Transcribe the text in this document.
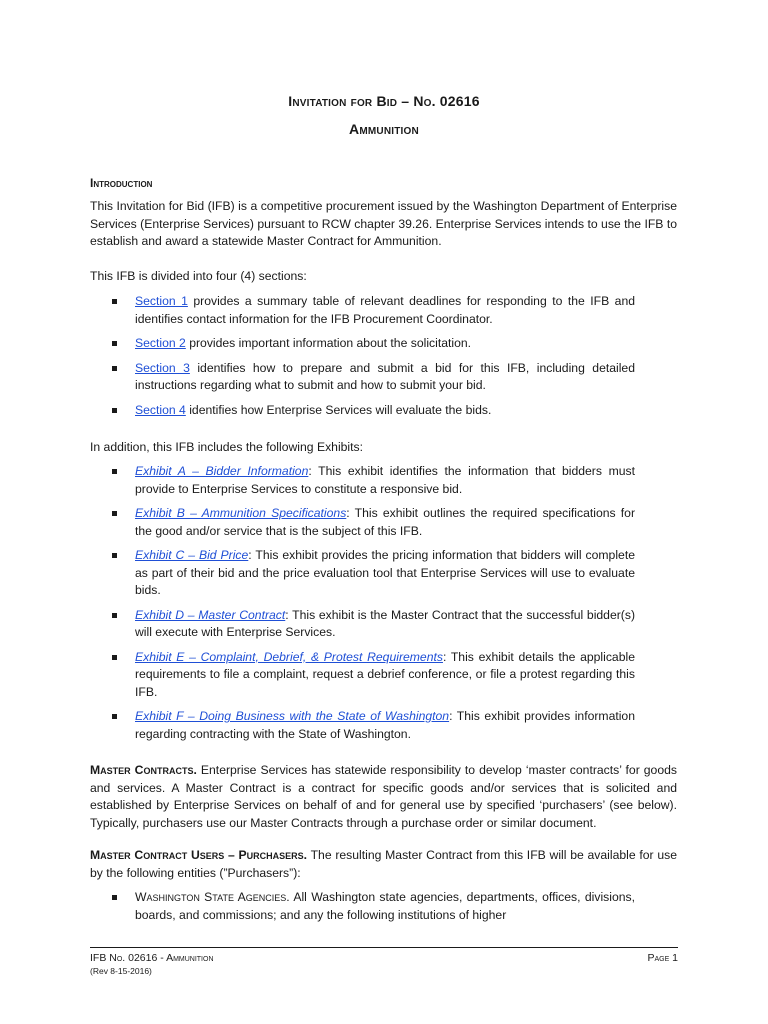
Invitation for Bid – No. 02616
Ammunition
Introduction

This Invitation for Bid (IFB) is a competitive procurement issued by the Washington Department of Enterprise Services (Enterprise Services) pursuant to RCW chapter 39.26. Enterprise Services intends to use the IFB to establish and award a statewide Master Contract for Ammunition.

This IFB is divided into four (4) sections:

Section 1 provides a summary table of relevant deadlines for responding to the IFB and identifies contact information for the IFB Procurement Coordinator.
Section 2 provides important information about the solicitation.
Section 3 identifies how to prepare and submit a bid for this IFB, including detailed instructions regarding what to submit and how to submit your bid.
Section 4 identifies how Enterprise Services will evaluate the bids.

In addition, this IFB includes the following Exhibits:

Exhibit A – Bidder Information: This exhibit identifies the information that bidders must provide to Enterprise Services to constitute a responsive bid.
Exhibit B – Ammunition Specifications: This exhibit outlines the required specifications for the good and/or service that is the subject of this IFB.
Exhibit C – Bid Price: This exhibit provides the pricing information that bidders will complete as part of their bid and the price evaluation tool that Enterprise Services will use to evaluate bids.
Exhibit D – Master Contract: This exhibit is the Master Contract that the successful bidder(s) will execute with Enterprise Services.
Exhibit E – Complaint, Debrief, & Protest Requirements: This exhibit details the applicable requirements to file a complaint, request a debrief conference, or file a protest regarding this IFB.
Exhibit F – Doing Business with the State of Washington: This exhibit provides information regarding contracting with the State of Washington.

Master Contracts. Enterprise Services has statewide responsibility to develop ‘master contracts’ for goods and services. A Master Contract is a contract for specific goods and/or services that is solicited and established by Enterprise Services on behalf of and for general use by specified ‘purchasers’ (see below). Typically, purchasers use our Master Contracts through a purchase order or similar document.

Master Contract Users – Purchasers. The resulting Master Contract from this IFB will be available for use by the following entities (”Purchasers”):

Washington State Agencies. All Washington state agencies, departments, offices, divisions, boards, and commissions; and any the following institutions of higher
IFB No. 02616 - Ammunition	Page 1
(Rev 8-15-2016)
